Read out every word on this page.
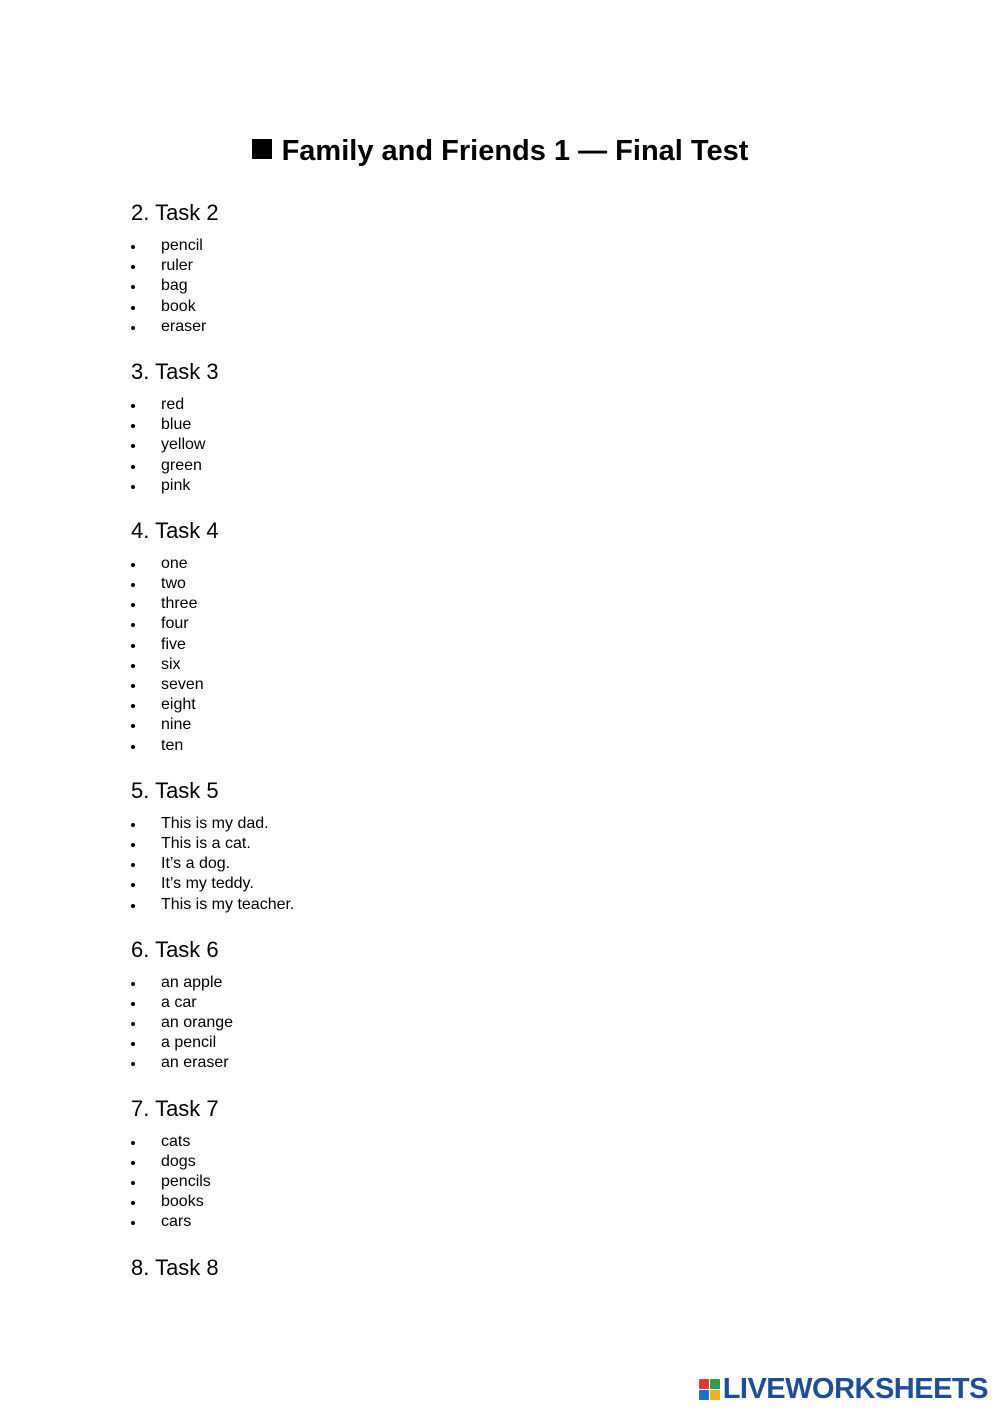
Family and Friends 1 — Final Test
2. Task 2
pencil
ruler
bag
book
eraser
3. Task 3
red
blue
yellow
green
pink
4. Task 4
one
two
three
four
five
six
seven
eight
nine
ten
5. Task 5
This is my dad.
This is a cat.
It’s a dog.
It’s my teddy.
This is my teacher.
6. Task 6
an apple
a car
an orange
a pencil
an eraser
7. Task 7
cats
dogs
pencils
books
cars
8. Task 8
LIVEWORKSHEETS
